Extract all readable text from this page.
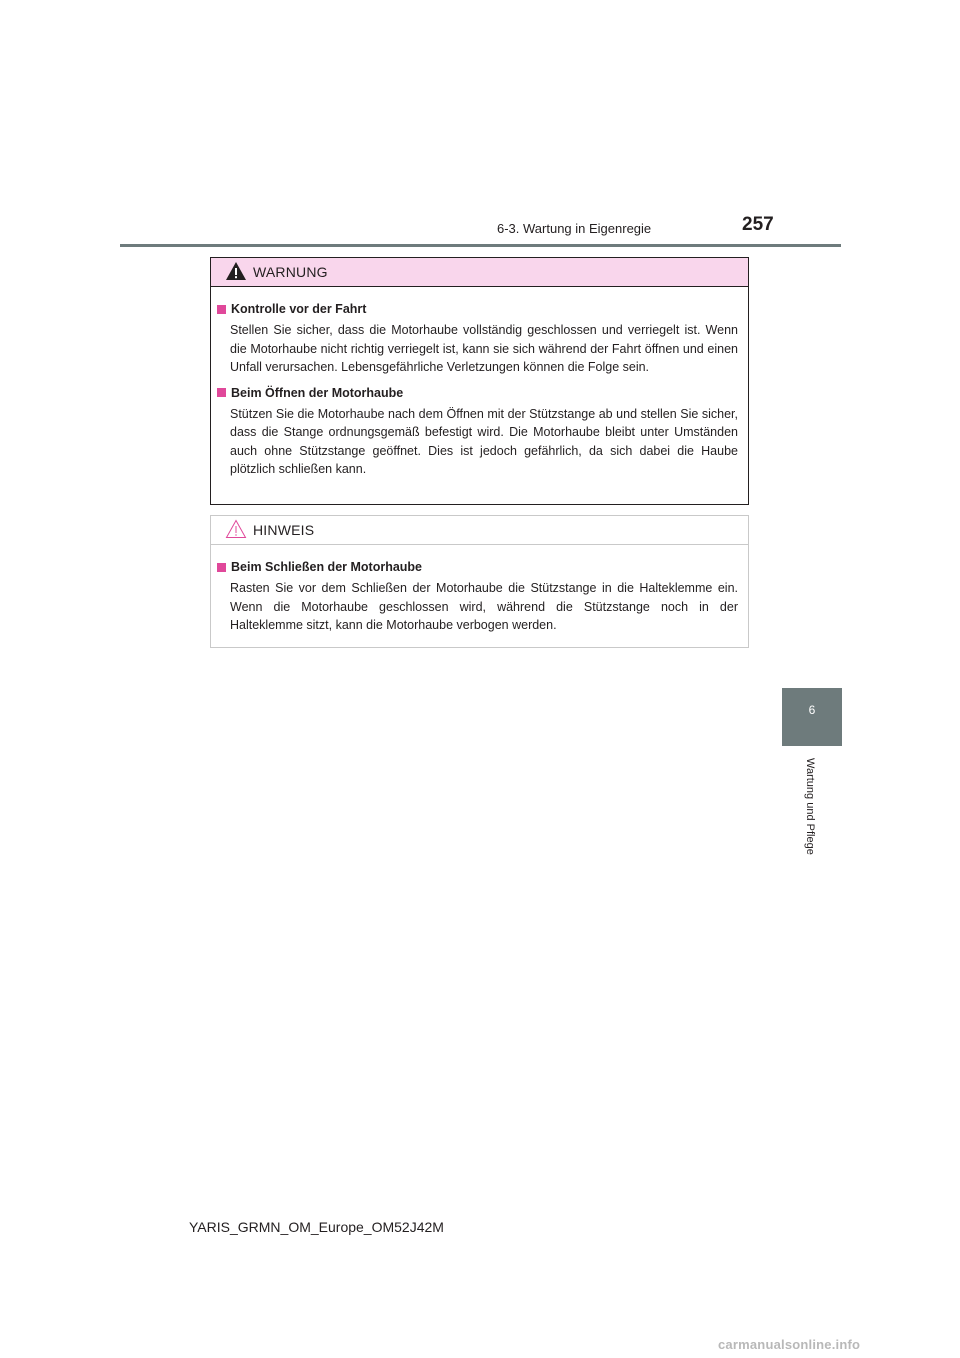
6-3. Wartung in Eigenregie	257
6
Wartung und Pflege
WARNUNG
Kontrolle vor der Fahrt
Stellen Sie sicher, dass die Motorhaube vollständig geschlossen und verriegelt ist. Wenn die Motorhaube nicht richtig verriegelt ist, kann sie sich während der Fahrt öffnen und einen Unfall verursachen. Lebensgefährliche Verletzungen können die Folge sein.
Beim Öffnen der Motorhaube
Stützen Sie die Motorhaube nach dem Öffnen mit der Stützstange ab und stellen Sie sicher, dass die Stange ordnungsgemäß befestigt wird. Die Motorhaube bleibt unter Umständen auch ohne Stützstange geöffnet. Dies ist jedoch gefährlich, da sich dabei die Haube plötzlich schließen kann.
HINWEIS
Beim Schließen der Motorhaube
Rasten Sie vor dem Schließen der Motorhaube die Stützstange in die Halteklemme ein. Wenn die Motorhaube geschlossen wird, während die Stützstange noch in der Halteklemme sitzt, kann die Motorhaube verbogen werden.
YARIS_GRMN_OM_Europe_OM52J42M
carmanualsonline.info
